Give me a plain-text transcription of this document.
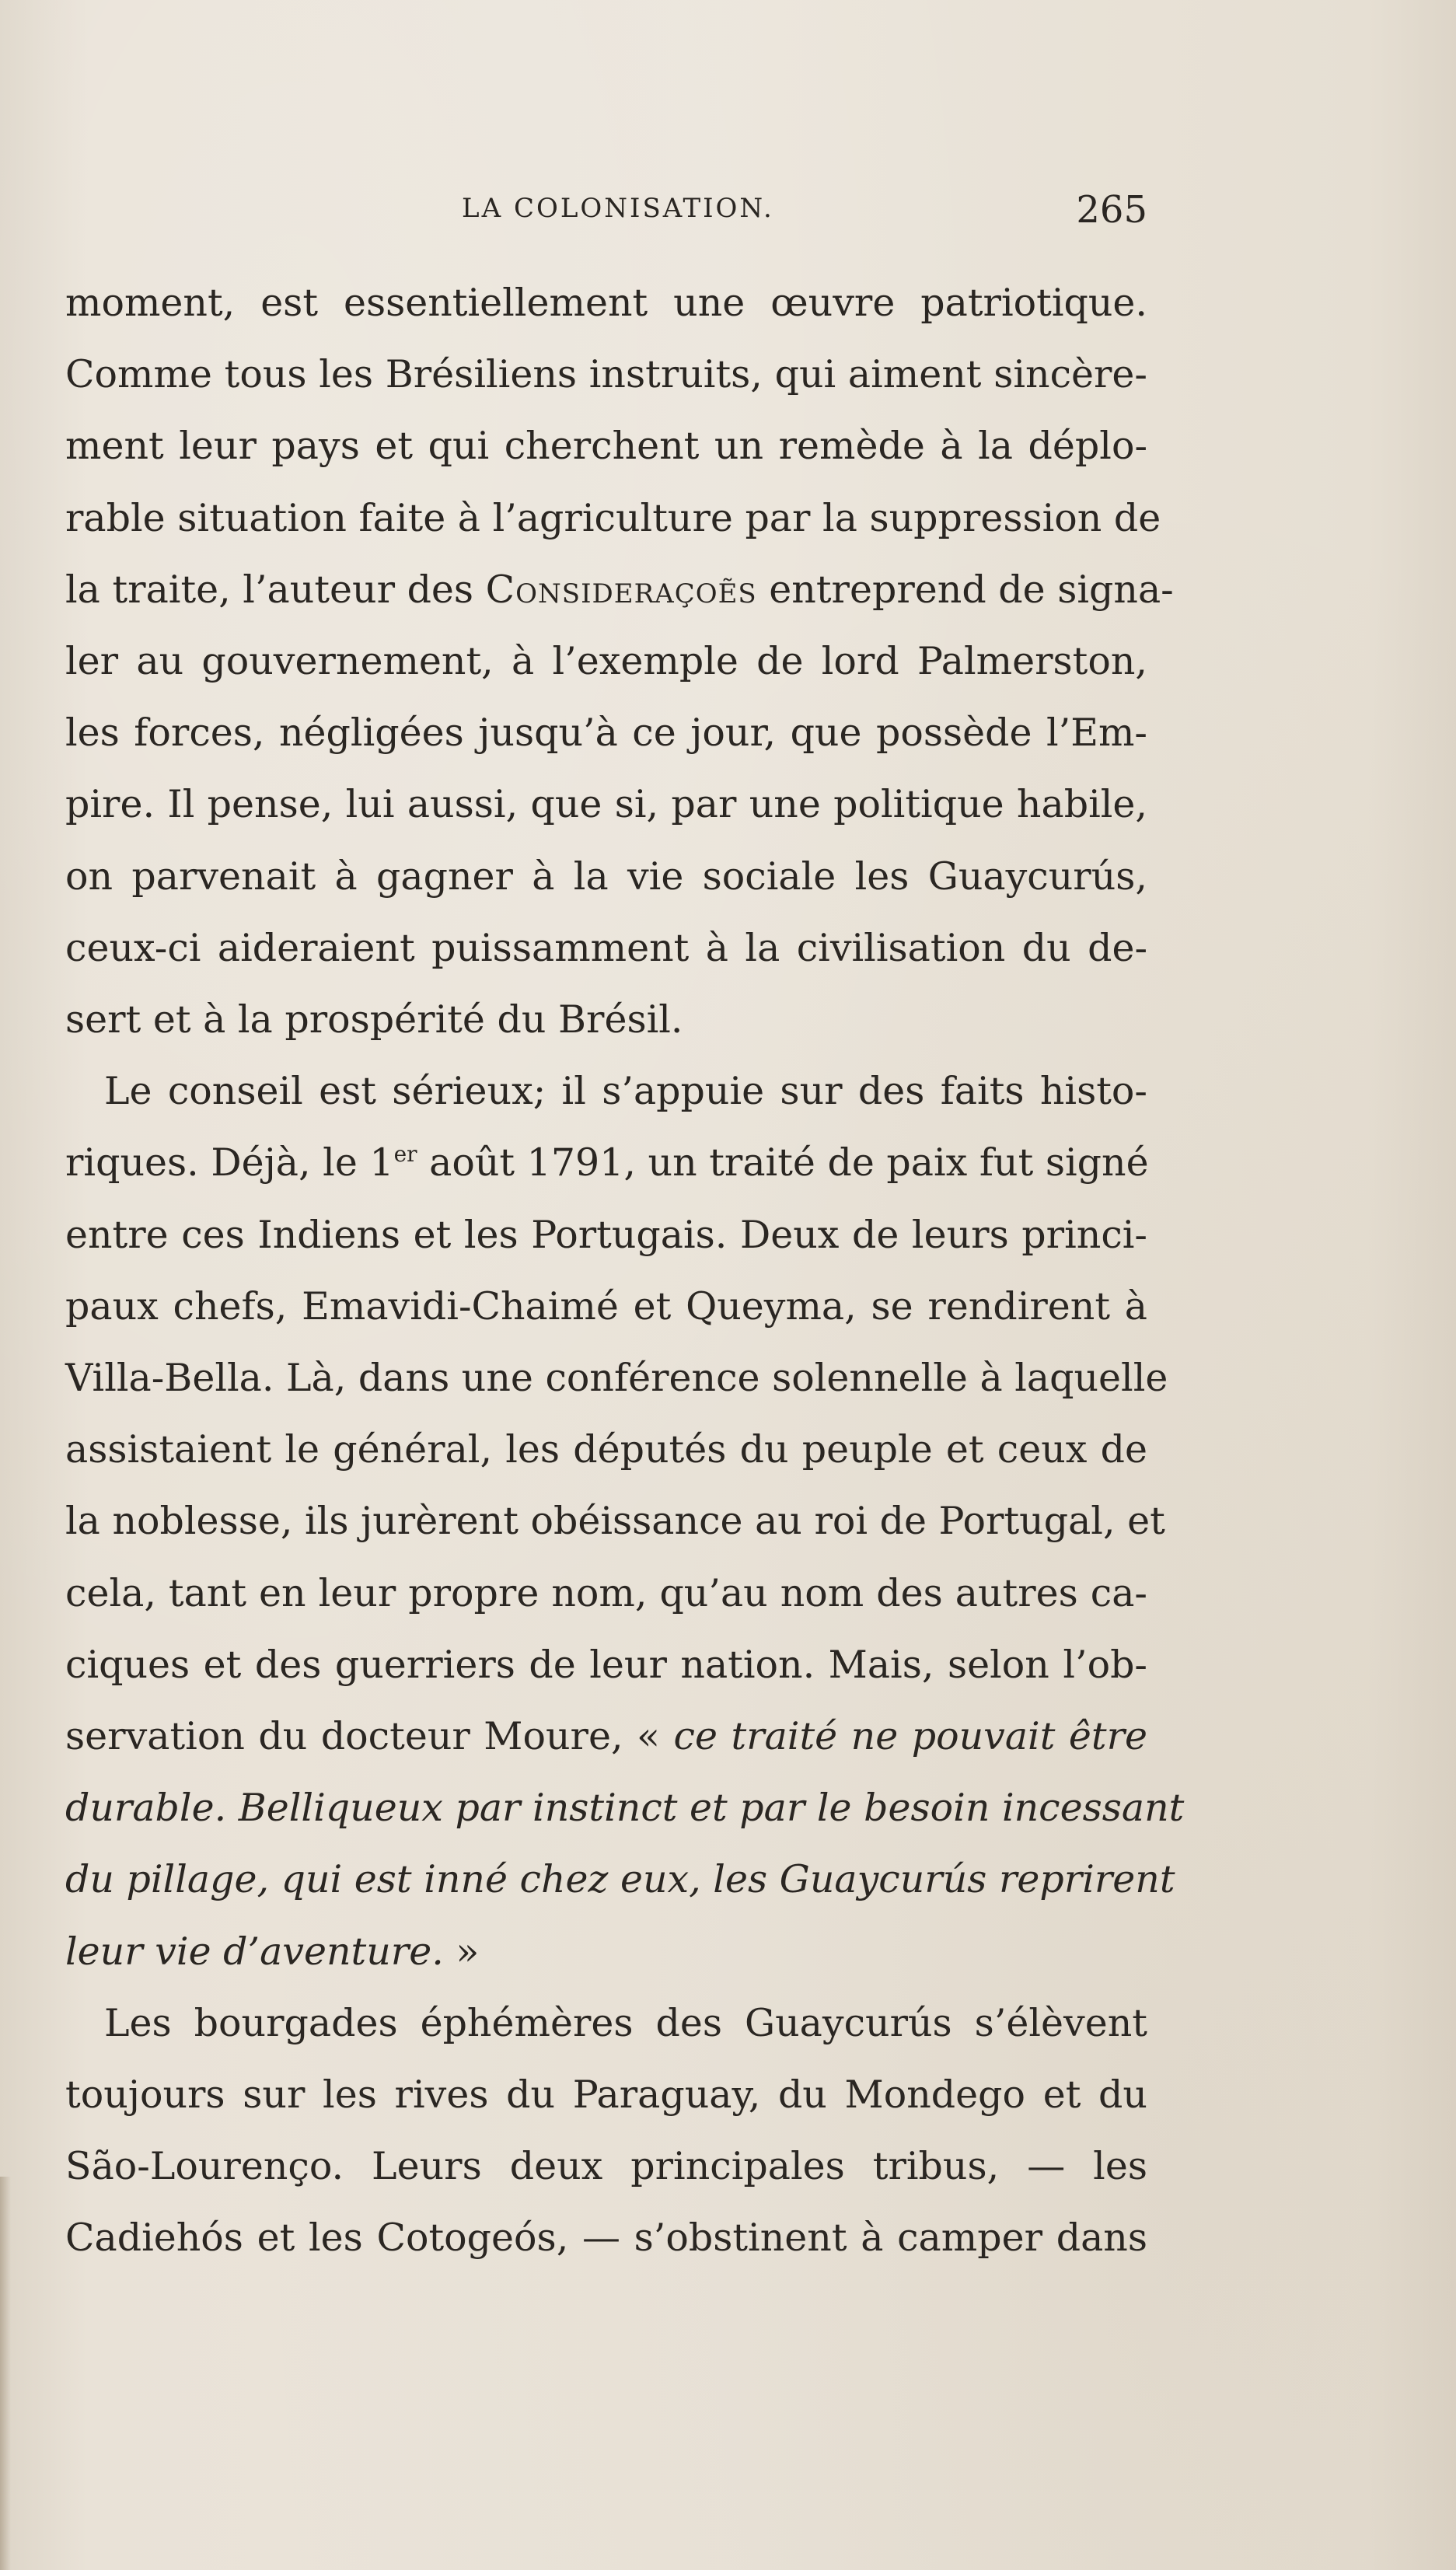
LA COLONISATION.	265
moment, est essentiellement une œuvre patriotique.
Comme tous les Brésiliens instruits, qui aiment sincère-
ment leur pays et qui cherchent un remède à la déplo-
rable situation faite à l’agriculture par la suppression de
la traite, l’auteur des Consideraçoẽs entreprend de signa-
ler au gouvernement, à l’exemple de lord Palmerston,
les forces, négligées jusqu’à ce jour, que possède l’Em-
pire. Il pense, lui aussi, que si, par une politique habile,
on parvenait à gagner à la vie sociale les Guaycurús,
ceux-ci aideraient puissamment à la civilisation du de-
sert et à la prospérité du Brésil.
Le conseil est sérieux; il s’appuie sur des faits histo-
riques. Déjà, le 1er août 1791, un traité de paix fut signé
entre ces Indiens et les Portugais. Deux de leurs princi-
paux chefs, Emavidi-Chaimé et Queyma, se rendirent à
Villa-Bella. Là, dans une conférence solennelle à laquelle
assistaient le général, les députés du peuple et ceux de
la noblesse, ils jurèrent obéissance au roi de Portugal, et
cela, tant en leur propre nom, qu’au nom des autres ca-
ciques et des guerriers de leur nation. Mais, selon l’ob-
servation du docteur Moure, « ce traité ne pouvait être
durable. Belliqueux par instinct et par le besoin incessant
du pillage, qui est inné chez eux, les Guaycurús reprirent
leur vie d’aventure. »
Les bourgades éphémères des Guaycurús s’élèvent
toujours sur les rives du Paraguay, du Mondego et du
São-Lourenço. Leurs deux principales tribus, — les
Cadiehós et les Cotogeós, — s’obstinent à camper dans
